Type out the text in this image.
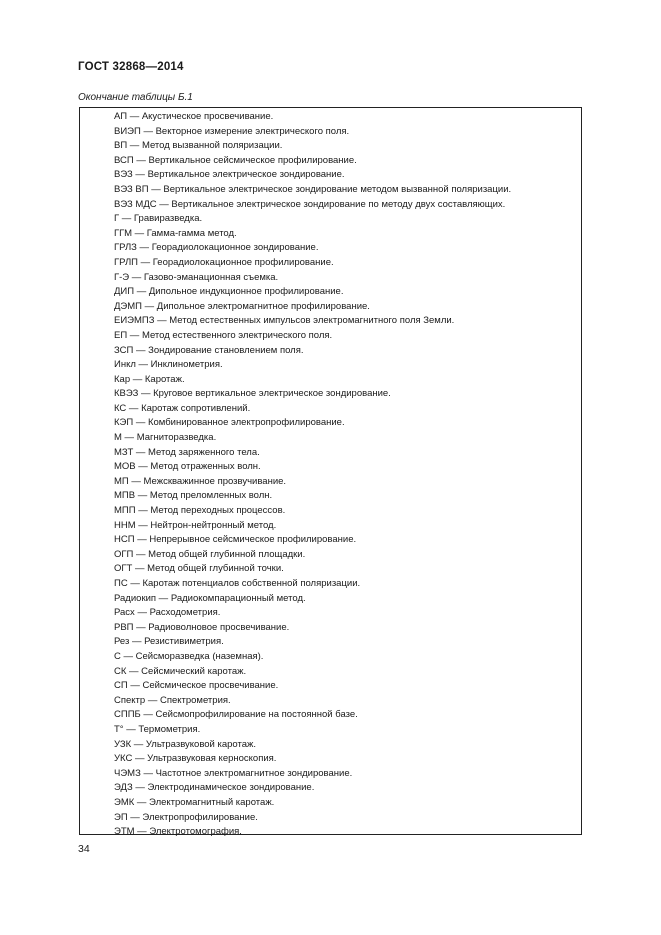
ГОСТ 32868—2014
Окончание таблицы Б.1
АП — Акустическое просвечивание.
ВИЭП — Векторное измерение электрического поля.
ВП — Метод вызванной поляризации.
ВСП — Вертикальное сейсмическое профилирование.
ВЭЗ — Вертикальное электрическое зондирование.
ВЭЗ ВП — Вертикальное электрическое зондирование методом вызванной поляризации.
ВЭЗ МДС — Вертикальное электрическое зондирование по методу двух составляющих.
Г — Гравиразведка.
ГГМ — Гамма-гамма метод.
ГРЛЗ — Георадиолокационное зондирование.
ГРЛП — Георадиолокационное профилирование.
Г-Э — Газово-эманационная съемка.
ДИП — Дипольное индукционное профилирование.
ДЭМП — Дипольное электромагнитное профилирование.
ЕИЭМПЗ — Метод естественных импульсов электромагнитного поля Земли.
ЕП — Метод естественного электрического поля.
ЗСП — Зондирование становлением поля.
Инкл — Инклинометрия.
Кар — Каротаж.
КВЭЗ — Круговое вертикальное электрическое зондирование.
КС — Каротаж сопротивлений.
КЭП — Комбинированное электропрофилирование.
М — Магниторазведка.
МЗТ — Метод заряженного тела.
МОВ — Метод отраженных волн.
МП — Межскважинное прозвучивание.
МПВ — Метод преломленных волн.
МПП — Метод переходных процессов.
ННМ — Нейтрон-нейтронный метод.
НСП — Непрерывное сейсмическое профилирование.
ОГП — Метод общей глубинной площадки.
ОГТ — Метод общей глубинной точки.
ПС — Каротаж потенциалов собственной поляризации.
Радиокип — Радиокомпарационный метод.
Расх — Расходометрия.
РВП — Радиоволновое просвечивание.
Рез — Резистивиметрия.
С — Сейсморазведка (наземная).
СК — Сейсмический каротаж.
СП — Сейсмическое просвечивание.
Спектр — Спектрометрия.
СППБ — Сейсмопрофилирование на постоянной базе.
Т° — Термометрия.
УЗК — Ультразвуковой каротаж.
УКС — Ультразвуковая керноскопия.
ЧЭМЗ — Частотное электромагнитное зондирование.
ЭДЗ — Электродинамическое зондирование.
ЭМК — Электромагнитный каротаж.
ЭП — Электропрофилирование.
ЭТМ — Электротомография.
34
